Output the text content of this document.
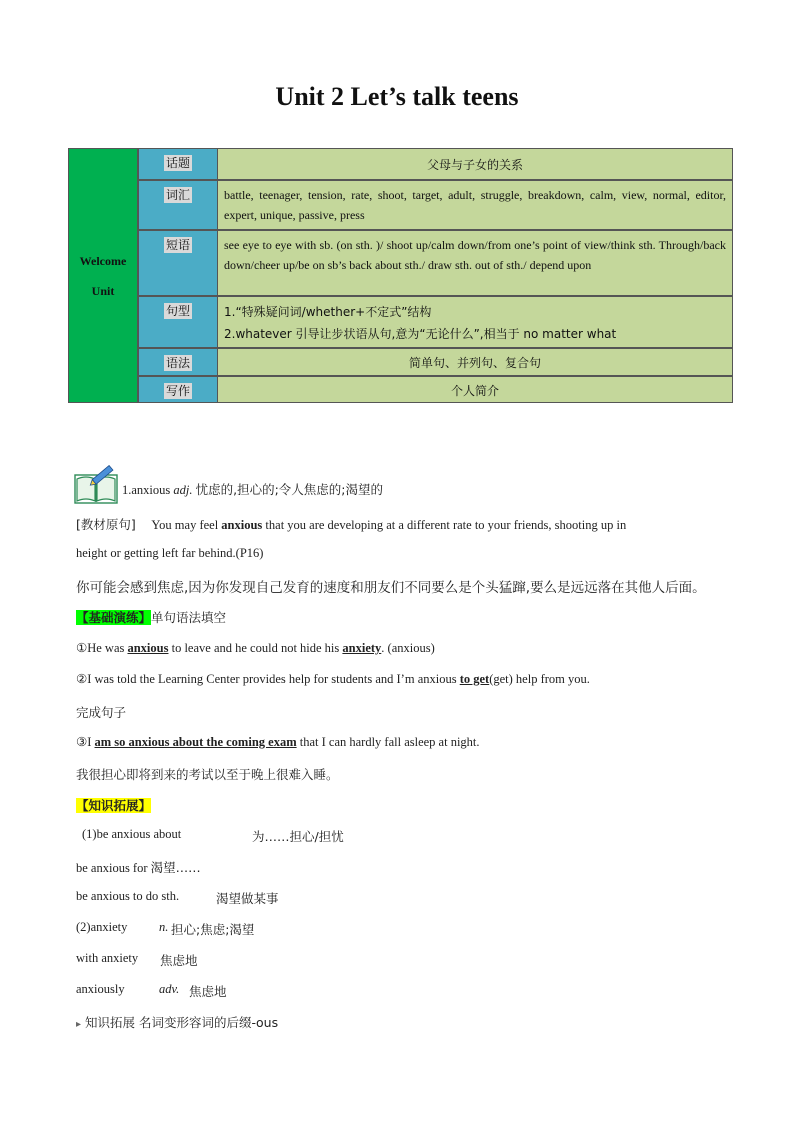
Unit 2 Let’s talk teens
Welcome
Unit
话题	父母与子女的关系
词汇	battle, teenager, tension, rate, shoot, target, adult, struggle, breakdown, calm, view, normal, editor, expert, unique, passive, press
短语	see eye to eye with sb. (on sth. )/ shoot up/calm down/from one’s point of view/think sth. Through/back down/cheer up/be on sb’s back about sth./ draw sth. out of sth./ depend upon
句型	1.“特殊疑问词/whether+不定式”结构
2.whatever 引导让步状语从句,意为“无论什么”,相当于 no matter what
语法	简单句、并列句、复合句
写作	个人简介
1.anxious adj. 忧虑的,担心的;令人焦虑的;渴望的
[教材原句] You may feel anxious that you are developing at a different rate to your friends, shooting up in
height or getting left far behind.(P16)
你可能会感到焦虑,因为你发现自己发育的速度和朋友们不同要么是个头猛蹿,要么是远远落在其他人后面。
【基础演练】单句语法填空
①He was anxious to leave and he could not hide his anxiety. (anxious)
②I was told the Learning Center provides help for students and I’m anxious to get(get) help from you.
完成句子
③I am so anxious about the coming exam that I can hardly fall asleep at night.
我很担心即将到来的考试以至于晚上很难入睡。
【知识拓展】
(1)be anxious about	为……担心/担忧
be anxious for 渴望……
be anxious to do sth.	渴望做某事
(2)anxiety	n. 担心;焦虑;渴望
with anxiety 焦虑地
anxiously	adv. 焦虑地
▸ 知识拓展 名词变形容词的后缀-ous
